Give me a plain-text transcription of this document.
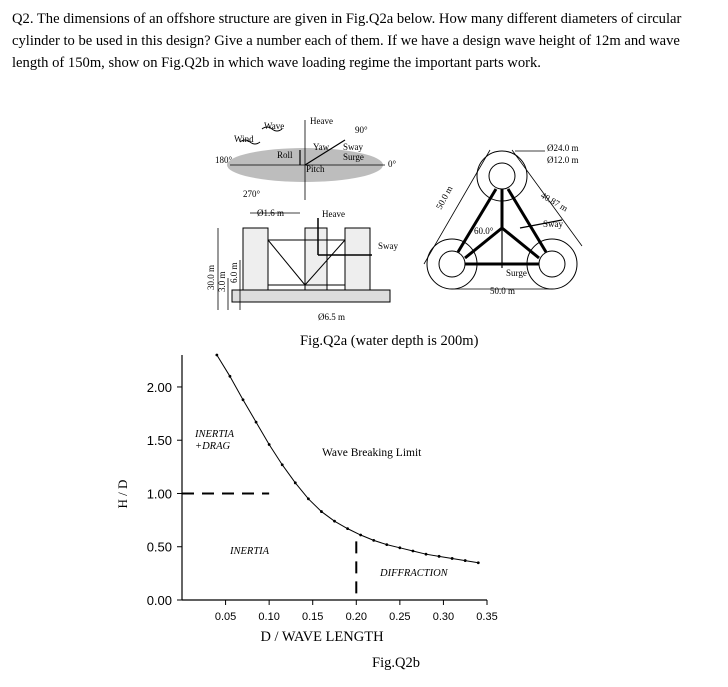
Q2. The dimensions of an offshore structure are given in Fig.Q2a below. How many different diameters of circular cylinder to be used in this design? Give a number each of them. If we have a design wave height of 12m and wave length of 150m, show on Fig.Q2b in which wave loading regime the important parts work.
Wave
Wind
Heave
90°
Yaw Sway
Surge
Roll
Pitch
180°
270°
0°
Ø1.6 m	Heave
Sway
Ø6.5 m
30.0 m 3.0 m 6.0 m
Ø24.0 m
Ø12.0 m
40.87 m
Sway
50.0 m
60.0°
Surge
50.0 m
Fig.Q2a (water depth is 200m)
0.00
0.50
1.00
1.50
2.00
0.05 0.10 0.15 0.20 0.25 0.30 0.35
D / WAVE LENGTH
H / D
INERTIA
+DRAG
Wave Breaking Limit
INERTIA
DIFFRACTION
Fig.Q2b
